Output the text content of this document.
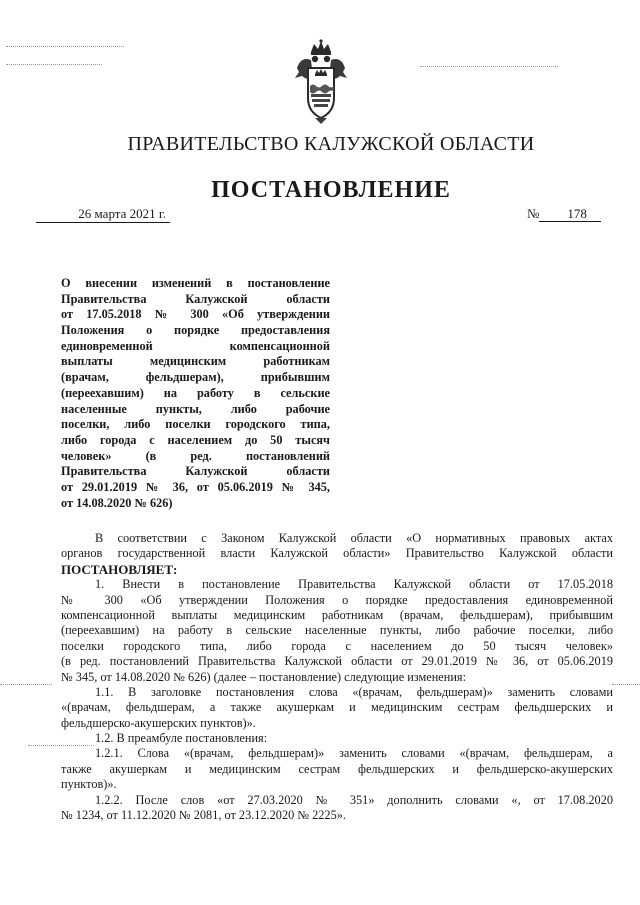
ПРАВИТЕЛЬСТВО КАЛУЖСКОЙ ОБЛАСТИ
ПОСТАНОВЛЕНИЕ
26 марта 2021 г.	№ 178
О внесении изменений в постановление
Правительства Калужской области
от 17.05.2018 № 300 «Об утверждении
Положения о порядке предоставления
единовременной компенсационной
выплаты медицинским работникам
(врачам, фельдшерам), прибывшим
(переехавшим) на работу в сельские
населенные пункты, либо рабочие
поселки, либо поселки городского типа,
либо города с населением до 50 тысяч
человек» (в ред. постановлений
Правительства Калужской области
от 29.01.2019 № 36, от 05.06.2019 № 345,
от 14.08.2020 № 626)
В соответствии с Законом Калужской области «О нормативных правовых актах
органов государственной власти Калужской области» Правительство Калужской области
ПОСТАНОВЛЯЕТ:
1. Внести в постановление Правительства Калужской области от 17.05.2018
№ 300 «Об утверждении Положения о порядке предоставления единовременной
компенсационной выплаты медицинским работникам (врачам, фельдшерам), прибывшим
(переехавшим) на работу в сельские населенные пункты, либо рабочие поселки, либо
поселки городского типа, либо города с населением до 50 тысяч человек»
(в ред. постановлений Правительства Калужской области от 29.01.2019 № 36, от 05.06.2019
№ 345, от 14.08.2020 № 626) (далее – постановление) следующие изменения:
1.1. В заголовке постановления слова «(врачам, фельдшерам)» заменить словами
«(врачам, фельдшерам, а также акушеркам и медицинским сестрам фельдшерских и
фельдшерско-акушерских пунктов)».
1.2. В преамбуле постановления:
1.2.1. Слова «(врачам, фельдшерам)» заменить словами «(врачам, фельдшерам, а
также акушеркам и медицинским сестрам фельдшерских и фельдшерско-акушерских
пунктов)».
1.2.2. После слов «от 27.03.2020 № 351» дополнить словами «, от 17.08.2020
№ 1234, от 11.12.2020 № 2081, от 23.12.2020 № 2225».
